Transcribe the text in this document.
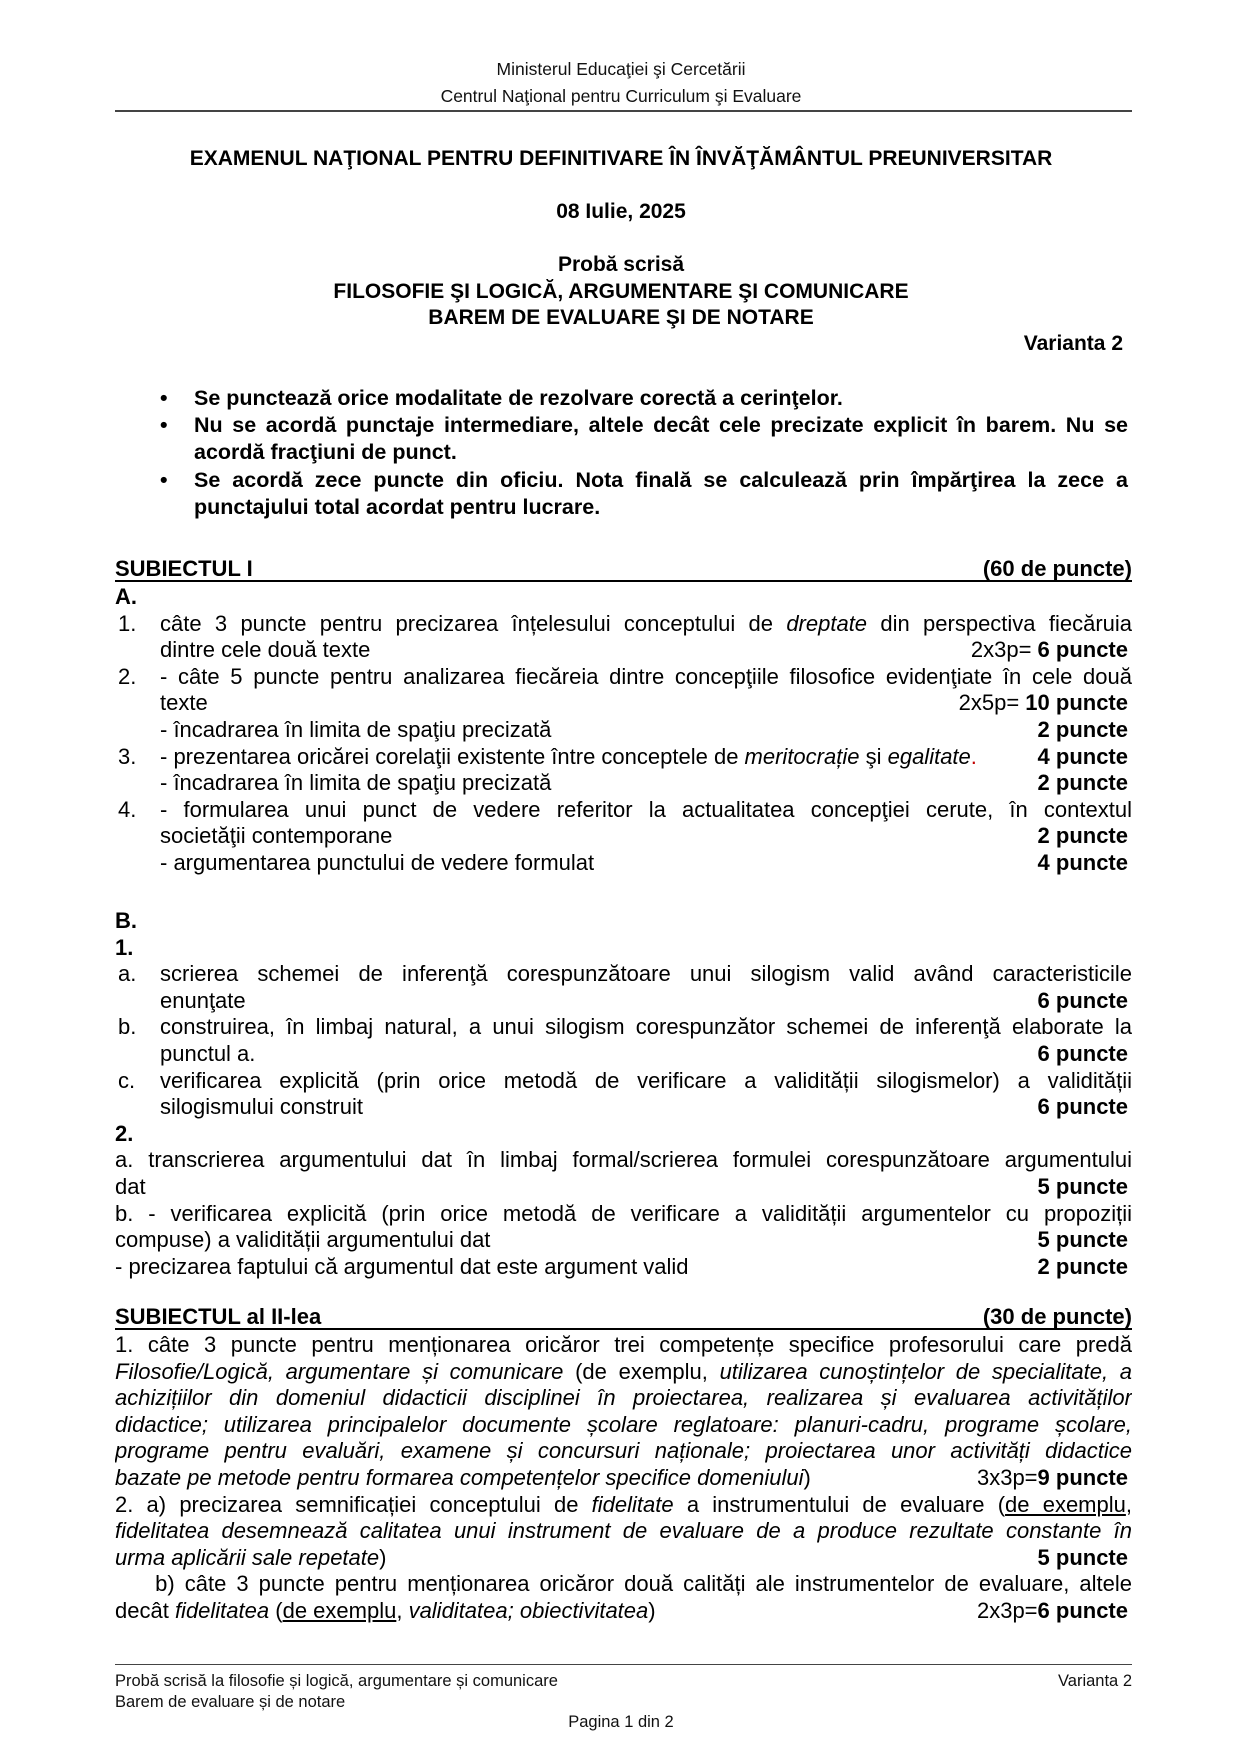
Ministerul Educaţiei şi Cercetării
Centrul Naţional pentru Curriculum şi Evaluare
EXAMENUL NAŢIONAL PENTRU DEFINITIVARE ÎN ÎNVĂŢĂMÂNTUL PREUNIVERSITAR
08 Iulie, 2025
Probă scrisă
FILOSOFIE ŞI LOGICĂ, ARGUMENTARE ŞI COMUNICARE
BAREM DE EVALUARE ŞI DE NOTARE
Varianta 2
•	Se punctează orice modalitate de rezolvare corectă a cerinţelor.
•	Nu se acordă punctaje intermediare, altele decât cele precizate explicit în barem. Nu se acordă fracţiuni de punct.
•	Se acordă zece puncte din oficiu. Nota finală se calculează prin împărţirea la zece a punctajului total acordat pentru lucrare.
SUBIECTUL I	(60 de puncte)
A.
1. câte 3 puncte pentru precizarea înțelesului conceptului de dreptate din perspectiva fiecăruia
dintre cele două texte	2x3p= 6 puncte
2. - câte 5 puncte pentru analizarea fiecăreia dintre concepţiile filosofice evidenţiate în cele două
texte	2x5p= 10 puncte
- încadrarea în limita de spaţiu precizată	2 puncte
3. - prezentarea oricărei corelaţii existente între conceptele de meritocrație şi egalitate.	4 puncte
- încadrarea în limita de spaţiu precizată	2 puncte
4. - formularea unui punct de vedere referitor la actualitatea concepţiei cerute, în contextul
societăţii contemporane	2 puncte
- argumentarea punctului de vedere formulat	4 puncte
B.
1.
a. scrierea schemei de inferenţă corespunzătoare unui silogism valid având caracteristicile
enunţate	6 puncte
b. construirea, în limbaj natural, a unui silogism corespunzător schemei de inferenţă elaborate la
punctul a.	6 puncte
c. verificarea explicită (prin orice metodă de verificare a validității silogismelor) a validității
silogismului construit	6 puncte
2.
a. transcrierea argumentului dat în limbaj formal/scrierea formulei corespunzătoare argumentului
dat	5 puncte
b. - verificarea explicită (prin orice metodă de verificare a validității argumentelor cu propoziții
compuse) a validității argumentului dat	5 puncte
- precizarea faptului că argumentul dat este argument valid	2 puncte
SUBIECTUL al II-lea	(30 de puncte)
1. câte 3 puncte pentru menționarea oricăror trei competențe specifice profesorului care predă
Filosofie/Logică, argumentare și comunicare (de exemplu, utilizarea cunoștințelor de specialitate, a
achizițiilor din domeniul didacticii disciplinei în proiectarea, realizarea și evaluarea activităților
didactice; utilizarea principalelor documente școlare reglatoare: planuri-cadru, programe școlare,
programe pentru evaluări, examene și concursuri naționale; proiectarea unor activități didactice
bazate pe metode pentru formarea competențelor specifice domeniului)	3x3p=9 puncte
2. a) precizarea semnificației conceptului de fidelitate a instrumentului de evaluare (de exemplu,
fidelitatea desemnează calitatea unui instrument de evaluare de a produce rezultate constante în
urma aplicării sale repetate)	5 puncte
b) câte 3 puncte pentru menționarea oricăror două calități ale instrumentelor de evaluare, altele
decât fidelitatea (de exemplu, validitatea; obiectivitatea)	2x3p=6 puncte
Probă scrisă la filosofie și logică, argumentare și comunicare	Varianta 2
Barem de evaluare și de notare
Pagina 1 din 2
